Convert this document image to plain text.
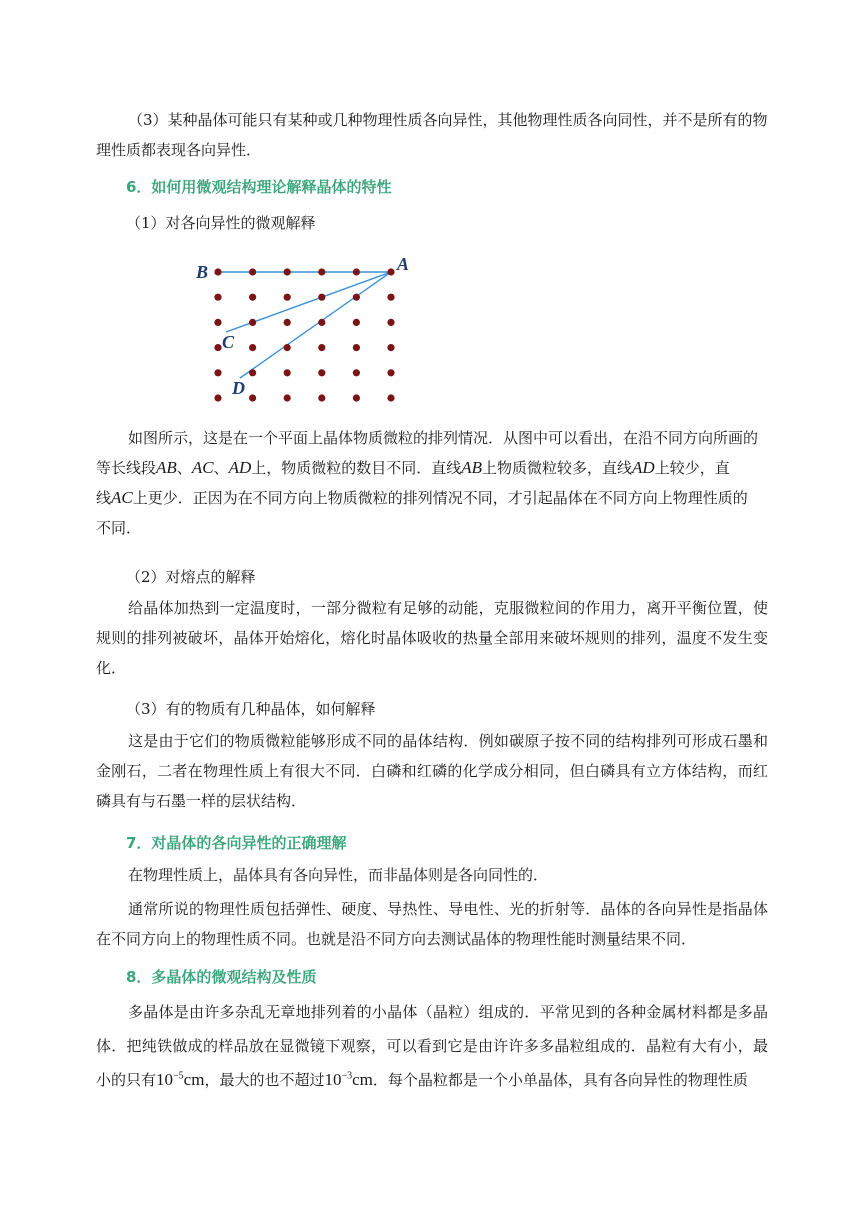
（3）某种晶体可能只有某种或几种物理性质各向异性，其他物理性质各向同性，并不是所有的物
理性质都表现各向异性．

6．如何用微观结构理论解释晶体的特性

（1）对各向异性的微观解释

B	A
C
D

如图所示，这是在一个平面上晶体物质微粒的排列情况．从图中可以看出，在沿不同方向所画的
等长线段AB、AC、AD上，物质微粒的数目不同．直线AB上物质微粒较多，直线AD上较少，直
线AC上更少．正因为在不同方向上物质微粒的排列情况不同，才引起晶体在不同方向上物理性质的
不同．

（2）对熔点的解释

给晶体加热到一定温度时，一部分微粒有足够的动能，克服微粒间的作用力，离开平衡位置，使规则的排列被破坏，晶体开始熔化，熔化时晶体吸收的热量全部用来破坏规则的排列，温度不发生变化．

（3）有的物质有几种晶体，如何解释

这是由于它们的物质微粒能够形成不同的晶体结构．例如碳原子按不同的结构排列可形成石墨和金刚石，二者在物理性质上有很大不同．白磷和红磷的化学成分相同，但白磷具有立方体结构，而红磷具有与石墨一样的层状结构．

7．对晶体的各向异性的正确理解

在物理性质上，晶体具有各向异性，而非晶体则是各向同性的．

通常所说的物理性质包括弹性、硬度、导热性、导电性、光的折射等．晶体的各向异性是指晶体在不同方向上的物理性质不同。也就是沿不同方向去测试晶体的物理性能时测量结果不同．

8．多晶体的微观结构及性质

多晶体是由许多杂乱无章地排列着的小晶体（晶粒）组成的．平常见到的各种金属材料都是多晶体．把纯铁做成的样品放在显微镜下观察，可以看到它是由许许多多晶粒组成的．晶粒有大有小，最小的只有$10^{-5}cm$，最大的也不超过$10^{-3}cm$．每个晶粒都是一个小单晶体，具有各向异性的物理性质
